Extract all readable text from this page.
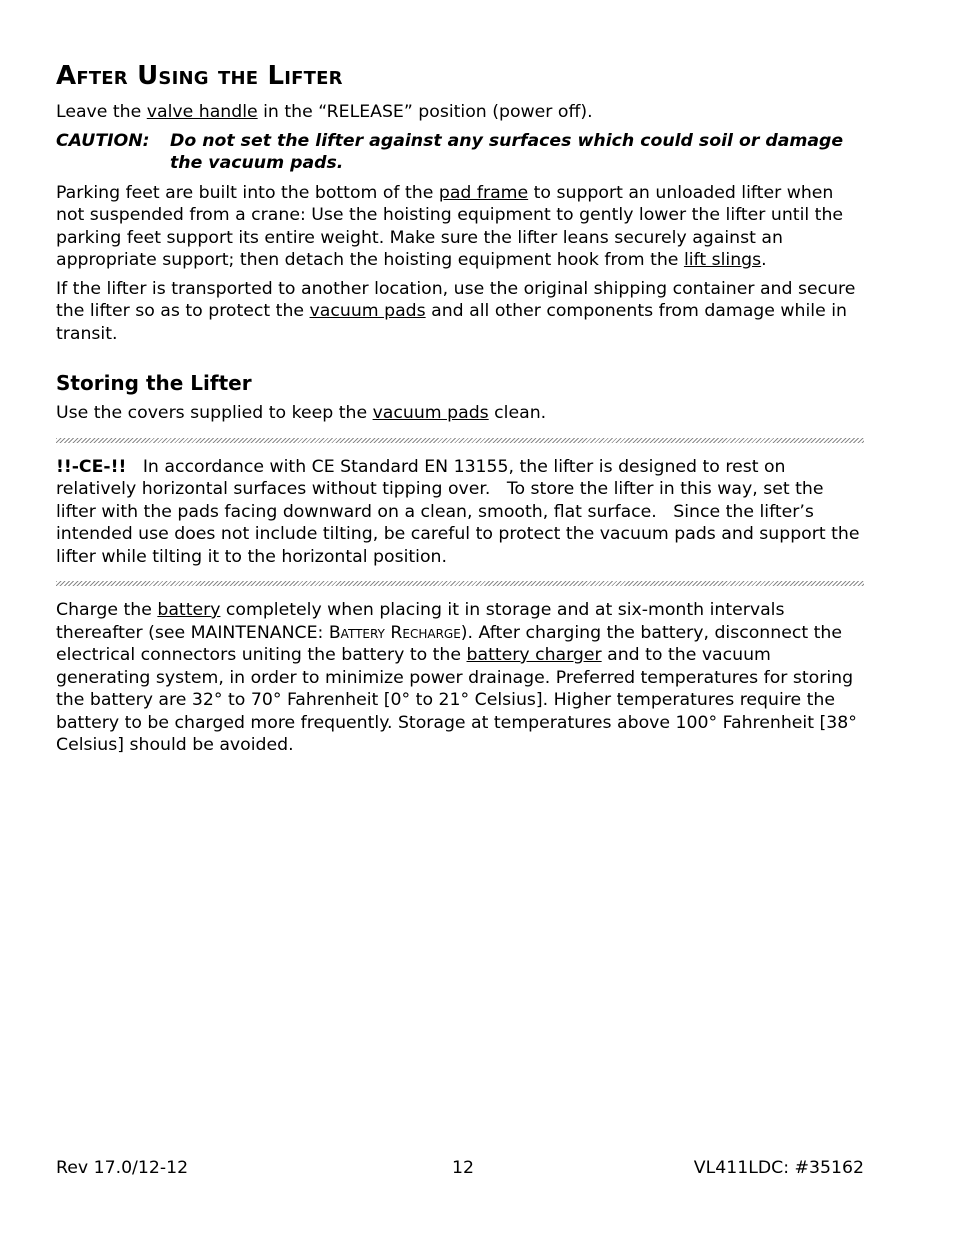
After Using the Lifter

Leave the valve handle in the “RELEASE” position (power off).

CAUTION:	Do not set the lifter against any surfaces which could soil or damage the vacuum pads.

Parking feet are built into the bottom of the pad frame to support an unloaded lifter when not suspended from a crane: Use the hoisting equipment to gently lower the lifter until the parking feet support its entire weight. Make sure the lifter leans securely against an appropriate support; then detach the hoisting equipment hook from the lift slings.

If the lifter is transported to another location, use the original shipping container and secure the lifter so as to protect the vacuum pads and all other components from damage while in transit.

Storing the Lifter

Use the covers supplied to keep the vacuum pads clean.

!!-CE-!!   In accordance with CE Standard EN 13155, the lifter is designed to rest on relatively horizontal surfaces without tipping over.   To store the lifter in this way, set the lifter with the pads facing downward on a clean, smooth, flat surface.   Since the lifter’s intended use does not include tilting, be careful to protect the vacuum pads and support the lifter while tilting it to the horizontal position.

Charge the battery completely when placing it in storage and at six-month intervals thereafter (see MAINTENANCE: Battery Recharge). After charging the battery, disconnect the electrical connectors uniting the battery to the battery charger and to the vacuum generating system, in order to minimize power drainage. Preferred temperatures for storing the battery are 32° to 70° Fahrenheit [0° to 21° Celsius]. Higher temperatures require the battery to be charged more frequently. Storage at temperatures above 100° Fahrenheit [38° Celsius] should be avoided.

Rev 17.0/12-12	12	VL411LDC: #35162
